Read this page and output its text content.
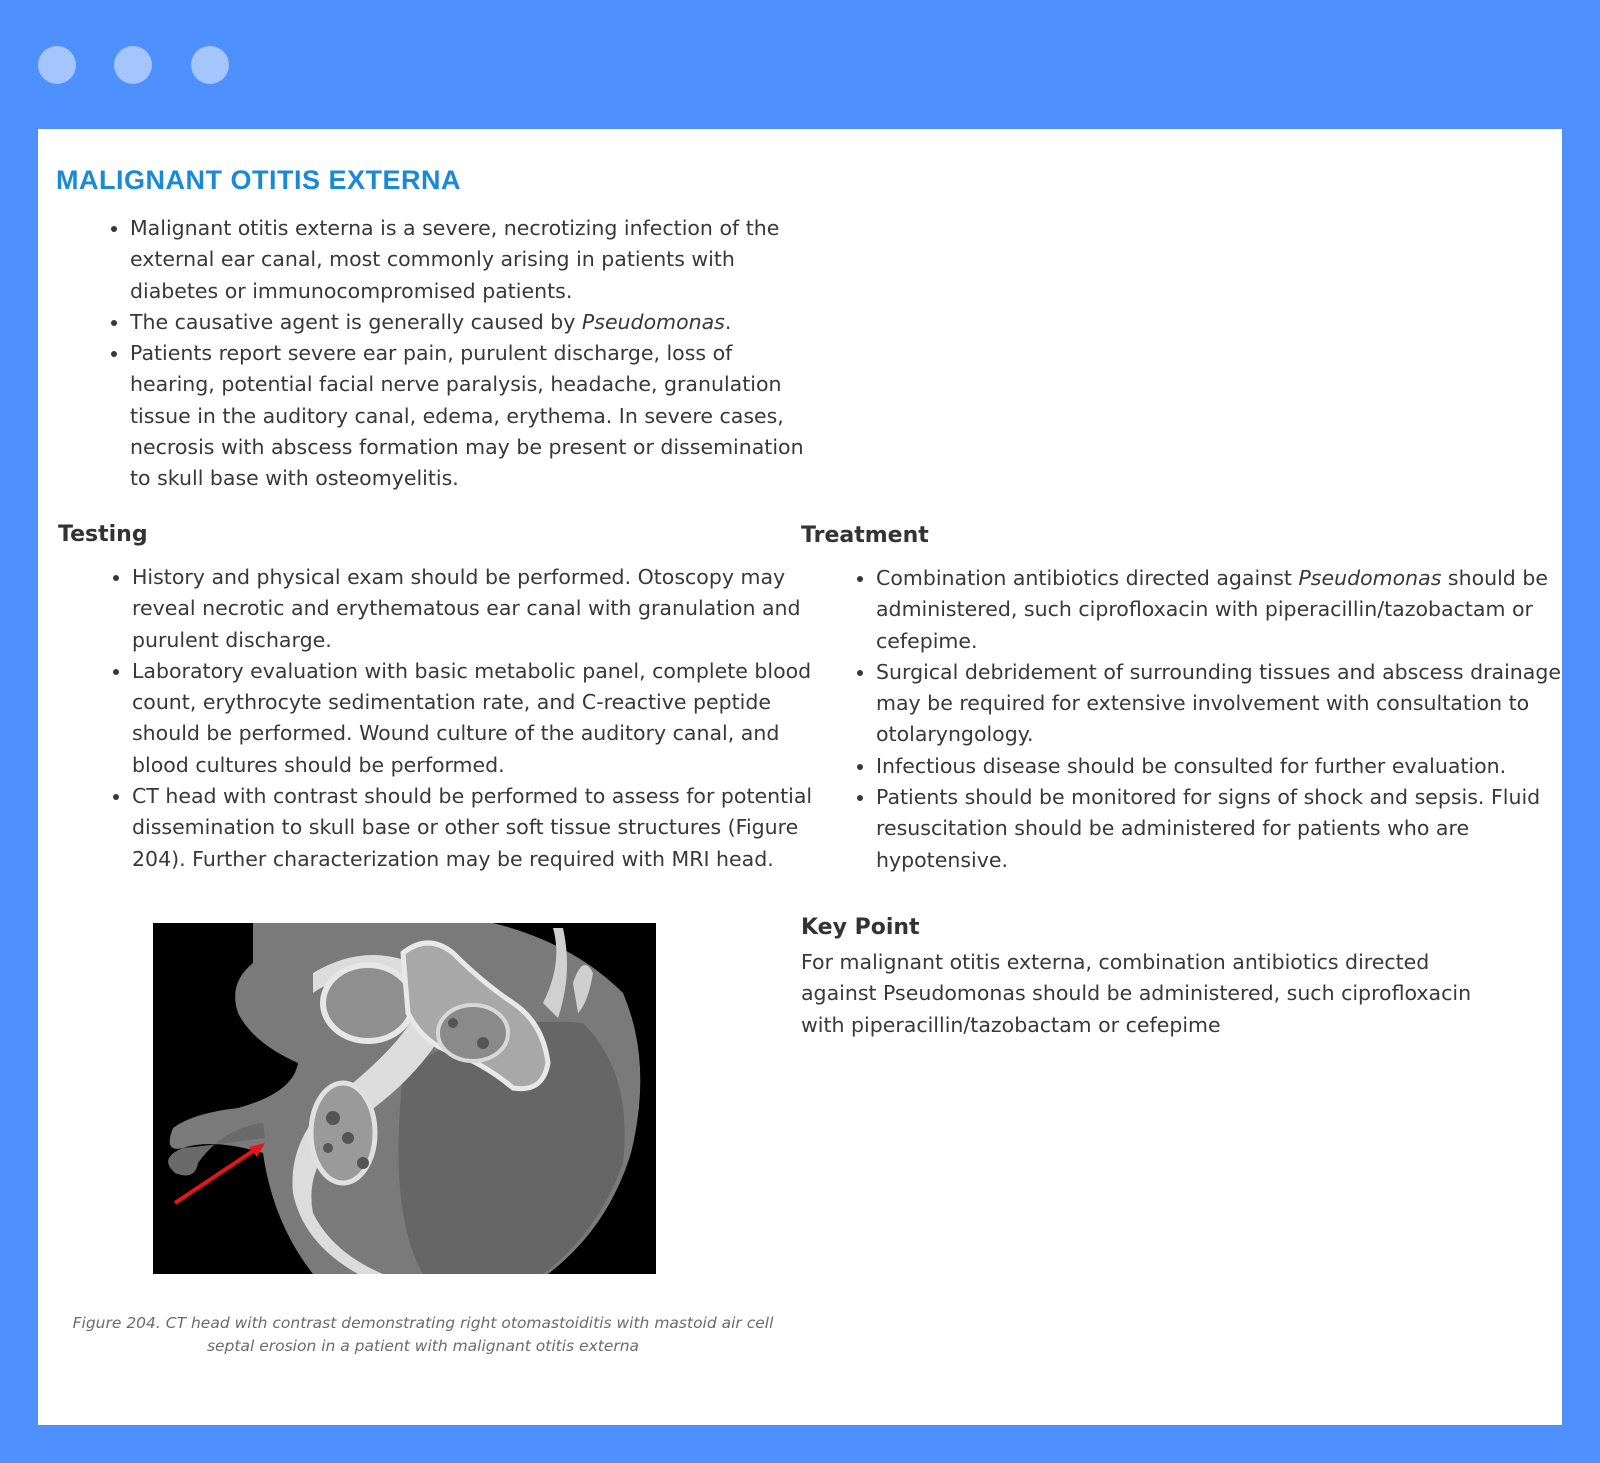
MALIGNANT OTITIS EXTERNA
• Malignant otitis externa is a severe, necrotizing infection of the external ear canal, most commonly arising in patients with diabetes or immunocompromised patients.
• The causative agent is generally caused by Pseudomonas.
• Patients report severe ear pain, purulent discharge, loss of hearing, potential facial nerve paralysis, headache, granulation tissue in the auditory canal, edema, erythema. In severe cases, necrosis with abscess formation may be present or dissemination to skull base with osteomyelitis.
Testing
• History and physical exam should be performed. Otoscopy may reveal necrotic and erythematous ear canal with granulation and purulent discharge.
• Laboratory evaluation with basic metabolic panel, complete blood count, erythrocyte sedimentation rate, and C-reactive peptide should be performed. Wound culture of the auditory canal, and blood cultures should be performed.
• CT head with contrast should be performed to assess for potential dissemination to skull base or other soft tissue structures (Figure 204). Further characterization may be required with MRI head.
Treatment
• Combination antibiotics directed against Pseudomonas should be administered, such ciprofloxacin with piperacillin/tazobactam or cefepime.
• Surgical debridement of surrounding tissues and abscess drainage may be required for extensive involvement with consultation to otolaryngology.
• Infectious disease should be consulted for further evaluation.
• Patients should be monitored for signs of shock and sepsis. Fluid resuscitation should be administered for patients who are hypotensive.
Key Point

For malignant otitis externa, combination antibiotics directed against Pseudomonas should be administered, such ciprofloxacin with piperacillin/tazobactam or cefepime

Figure 204. CT head with contrast demonstrating right otomastoiditis with mastoid air cell septal erosion in a patient with malignant otitis externa
